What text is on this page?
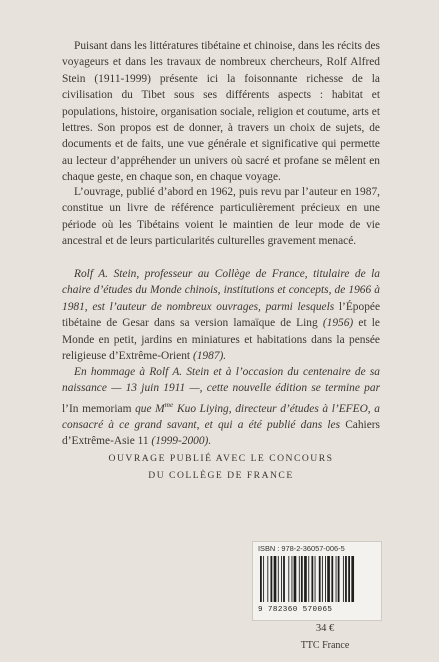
Puisant dans les littératures tibétaine et chinoise, dans les récits des voyageurs et dans les travaux de nombreux chercheurs, Rolf Alfred Stein (1911-1999) présente ici la foisonnante richesse de la civilisation du Tibet sous ses différents aspects : habitat et populations, histoire, organisation sociale, religion et coutume, arts et lettres. Son propos est de donner, à travers un choix de sujets, de documents et de faits, une vue générale et significative qui permette au lecteur d’appréhender un univers où sacré et profane se mêlent en chaque geste, en chaque son, en chaque voyage.

L’ouvrage, publié d’abord en 1962, puis revu par l’auteur en 1987, constitue un livre de référence particulièrement précieux en une période où les Tibétains voient le maintien de leur mode de vie ancestral et de leurs particularités culturelles gravement menacé.

Rolf A. Stein, professeur au Collège de France, titulaire de la chaire d’études du Monde chinois, institutions et concepts, de 1966 à 1981, est l’auteur de nombreux ouvrages, parmi lesquels l’Épopée tibétaine de Gesar dans sa version lamaïque de Ling (1956) et le Monde en petit, jardins en miniatures et habitations dans la pensée religieuse d’Extrême-Orient (1987).

En hommage à Rolf A. Stein et à l’occasion du centenaire de sa naissance — 13 juin 1911 —, cette nouvelle édition se termine par l’In memoriam que $M^{me}$ Kuo Liying, directeur d’études à l’EFEO, a consacré à ce grand savant, et qui a été publié dans les Cahiers d’Extrême-Asie 11 (1999-2000).

OUVRAGE PUBLIÉ AVEC LE CONCOURS
DU COLLÈGE DE FRANCE
ISBN : 978-2-36057-006-5
9 782360 570065
34 €
TTC France
